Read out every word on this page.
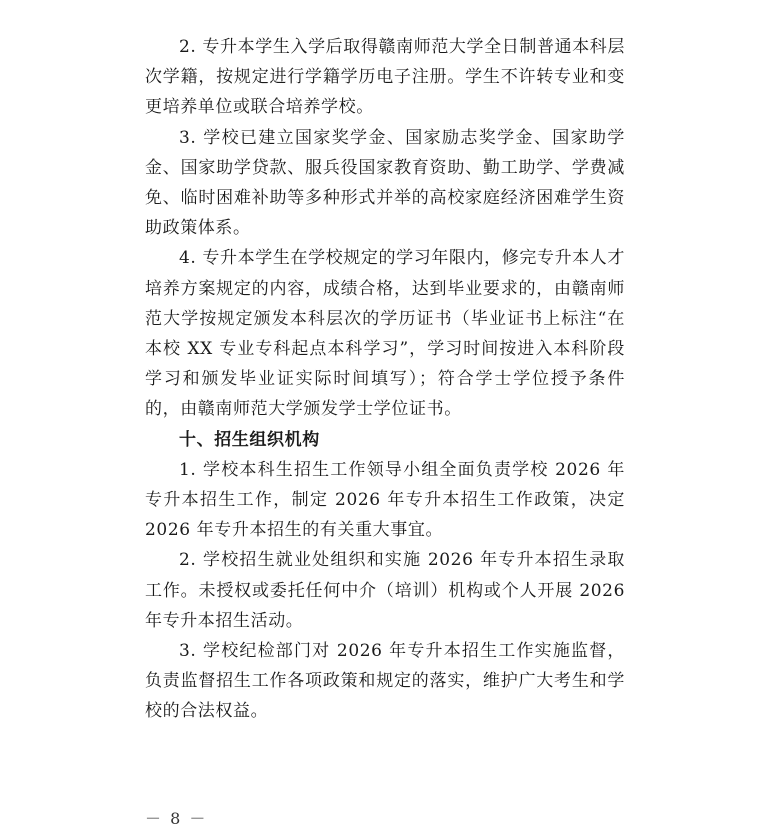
2. 专升本学生入学后取得赣南师范大学全日制普通本科层次学籍，按规定进行学籍学历电子注册。学生不许转专业和变更培养单位或联合培养学校。

3. 学校已建立国家奖学金、国家励志奖学金、国家助学金、国家助学贷款、服兵役国家教育资助、勤工助学、学费减免、临时困难补助等多种形式并举的高校家庭经济困难学生资助政策体系。

4. 专升本学生在学校规定的学习年限内，修完专升本人才培养方案规定的内容，成绩合格，达到毕业要求的，由赣南师范大学按规定颁发本科层次的学历证书（毕业证书上标注“在本校 XX 专业专科起点本科学习”，学习时间按进入本科阶段学习和颁发毕业证实际时间填写）；符合学士学位授予条件的，由赣南师范大学颁发学士学位证书。

十、招生组织机构

1. 学校本科生招生工作领导小组全面负责学校 2026 年专升本招生工作，制定 2026 年专升本招生工作政策，决定 2026 年专升本招生的有关重大事宜。

2. 学校招生就业处组织和实施 2026 年专升本招生录取工作。未授权或委托任何中介（培训）机构或个人开展 2026 年专升本招生活动。

3. 学校纪检部门对 2026 年专升本招生工作实施监督，负责监督招生工作各项政策和规定的落实，维护广大考生和学校的合法权益。

－ 8 －
